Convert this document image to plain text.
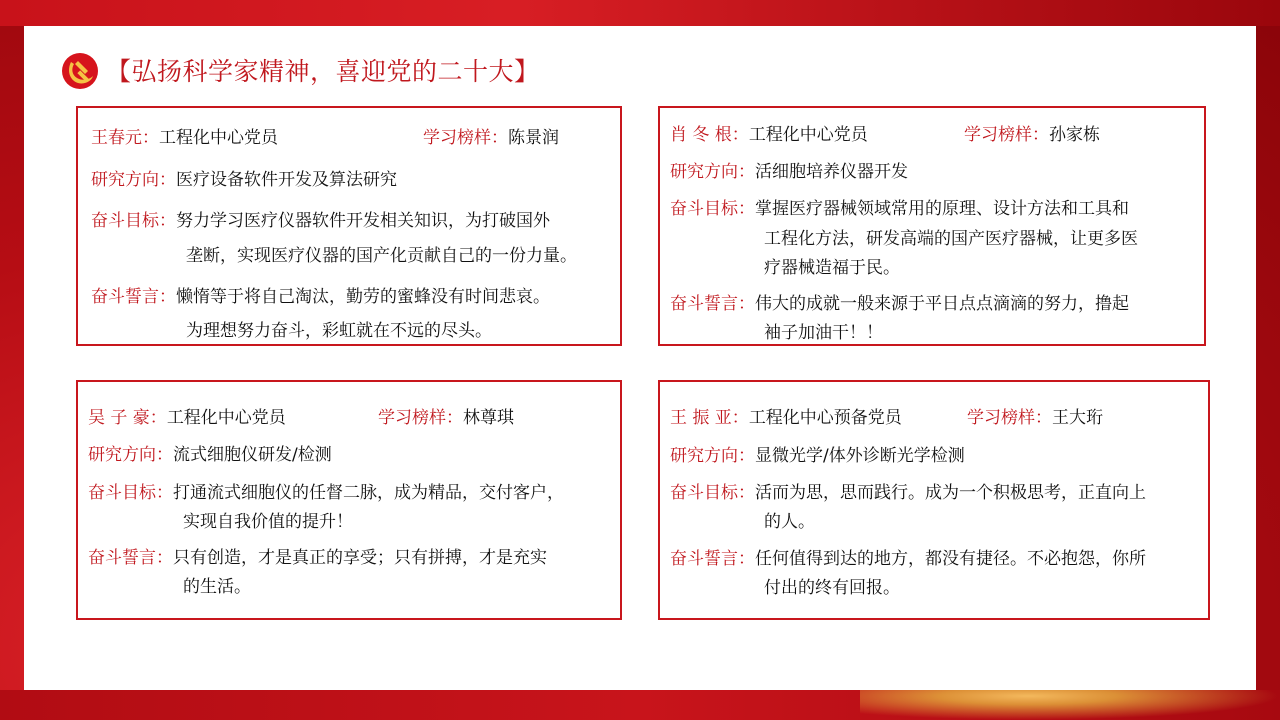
【弘扬科学家精神，喜迎党的二十大】
王春元：工程化中心党员	学习榜样：陈景润
研究方向：医疗设备软件开发及算法研究
奋斗目标：努力学习医疗仪器软件开发相关知识，为打破国外
垄断，实现医疗仪器的国产化贡献自己的一份力量。
奋斗誓言：懒惰等于将自己淘汰，勤劳的蜜蜂没有时间悲哀。
为理想努力奋斗，彩虹就在不远的尽头。
肖 冬 根：工程化中心党员	学习榜样：孙家栋
研究方向：活细胞培养仪器开发
奋斗目标：掌握医疗器械领域常用的原理、设计方法和工具和
工程化方法，研发高端的国产医疗器械，让更多医
疗器械造福于民。
奋斗誓言：伟大的成就一般来源于平日点点滴滴的努力，撸起
袖子加油干！！
吴 子 豪：工程化中心党员	学习榜样：林尊琪
研究方向：流式细胞仪研发/检测
奋斗目标：打通流式细胞仪的任督二脉，成为精品，交付客户，
实现自我价值的提升！
奋斗誓言：只有创造，才是真正的享受；只有拼搏，才是充实
的生活。
王 振 亚：工程化中心预备党员	学习榜样：王大珩
研究方向：显微光学/体外诊断光学检测
奋斗目标：活而为思，思而践行。成为一个积极思考，正直向上
的人。
奋斗誓言：任何值得到达的地方，都没有捷径。不必抱怨，你所
付出的终有回报。
